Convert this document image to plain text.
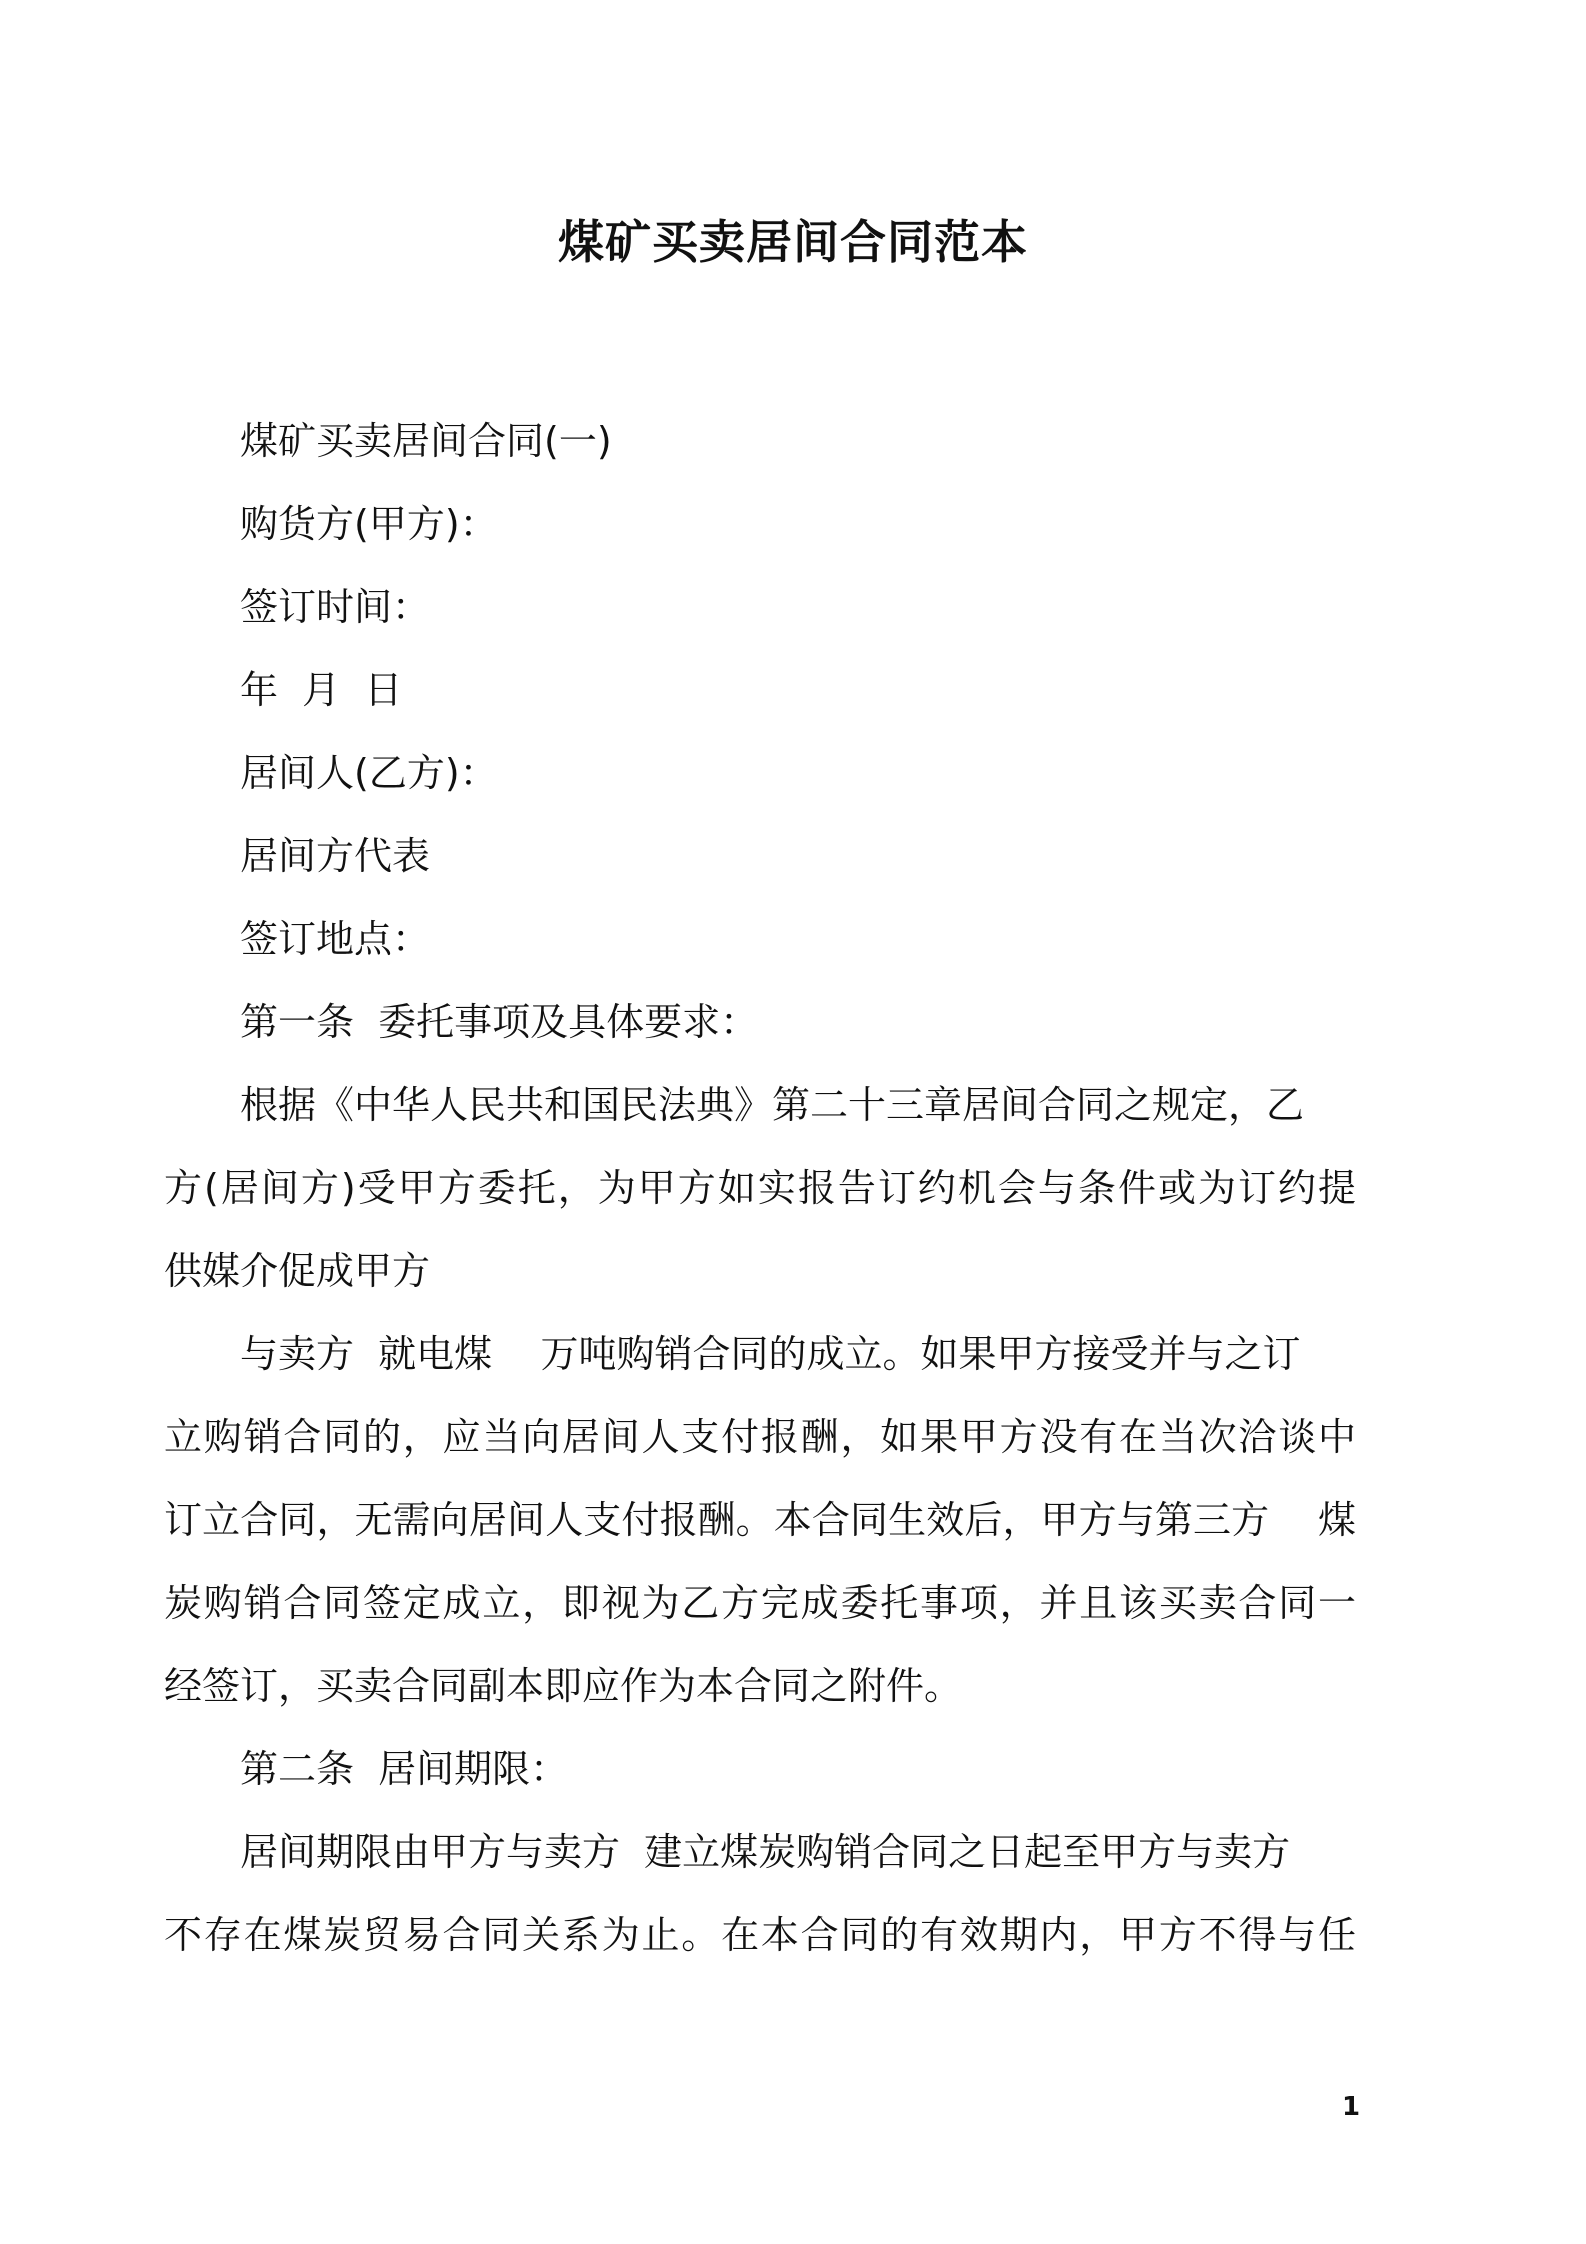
煤矿买卖居间合同范本
煤矿买卖居间合同(一)
购货方(甲方)：
签订时间：
年  月  日
居间人(乙方)：
居间方代表
签订地点：
第一条  委托事项及具体要求：
根据《中华人民共和国民法典》第二十三章居间合同之规定，乙
方(居间方)受甲方委托，为甲方如实报告订约机会与条件或为订约提
供媒介促成甲方
与卖方  就电煤    万吨购销合同的成立。如果甲方接受并与之订
立购销合同的，应当向居间人支付报酬，如果甲方没有在当次洽谈中
订立合同，无需向居间人支付报酬。本合同生效后，甲方与第三方    煤
炭购销合同签定成立，即视为乙方完成委托事项，并且该买卖合同一
经签订，买卖合同副本即应作为本合同之附件。
第二条  居间期限：
居间期限由甲方与卖方  建立煤炭购销合同之日起至甲方与卖方
不存在煤炭贸易合同关系为止。在本合同的有效期内，甲方不得与任
1
